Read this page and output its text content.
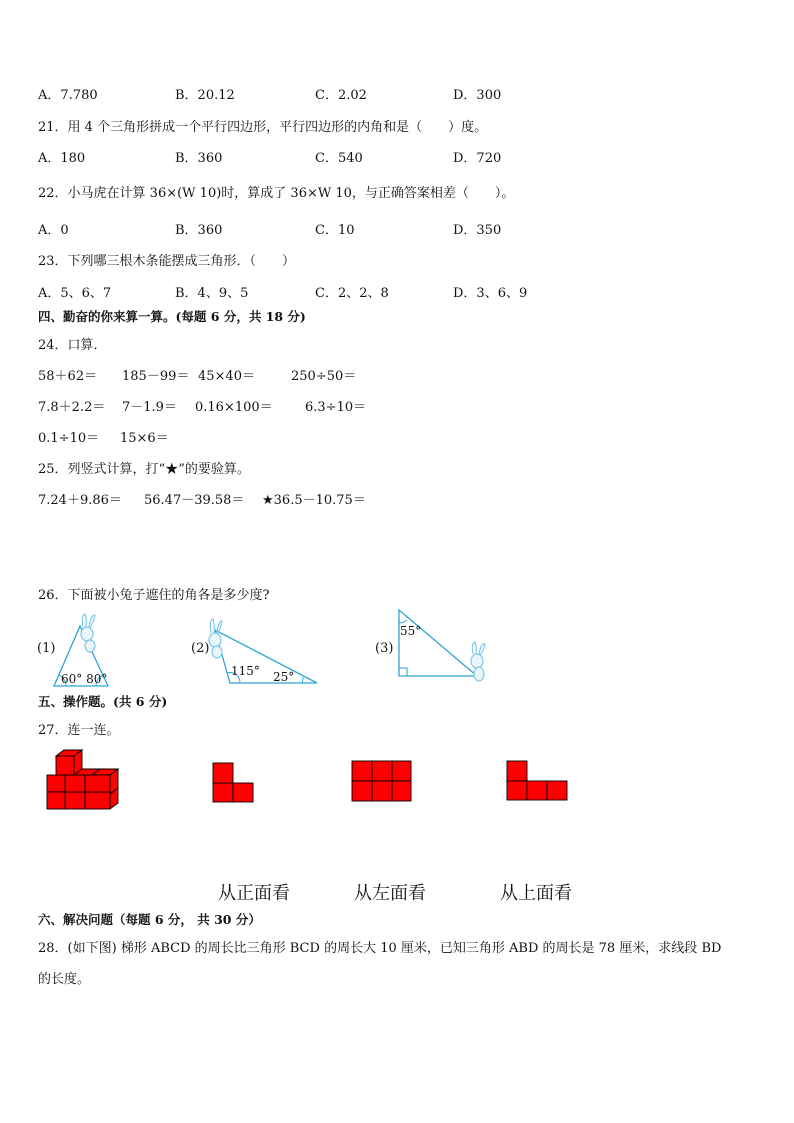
A．7.780	B．20.12	C．2.02	D．300
21．用 4 个三角形拼成一个平行四边形，平行四边形的内角和是（　　）度。
A．180	B．360	C．540	D．720
22．小马虎在计算 36×(W 10)时，算成了 36×W 10，与正确答案相差（　　）。
A．0	B．360	C．10	D．350
23．下列哪三根木条能摆成三角形．（　　）
A．5、6、7	B．4、9、5	C．2、2、8	D．3、6、9
四、勤奋的你来算一算。(每题 6 分，共 18 分)
24．口算．
58＋62＝ 185－99＝ 45×40＝	250÷50＝
7.8＋2.2＝ 7－1.9＝ 0.16×100＝ 6.3÷10＝
0.1÷10＝ 15×6＝
25．列竖式计算，打“★”的要验算。
7.24＋9.86＝ 56.47－39.58＝ ★36.5－10.75＝
26．下面被小兔子遮住的角各是多少度?
(1)
60° 80°
(2)
115° 25°
(3)
55°
五、操作题。(共 6 分)
27．连一连。
从正面看	从左面看	从上面看
六、解决问题（每题 6 分， 共 30 分）
28．(如下图) 梯形 ABCD 的周长比三角形 BCD 的周长大 10 厘米，已知三角形 ABD 的周长是 78 厘米，求线段 BD
的长度。
